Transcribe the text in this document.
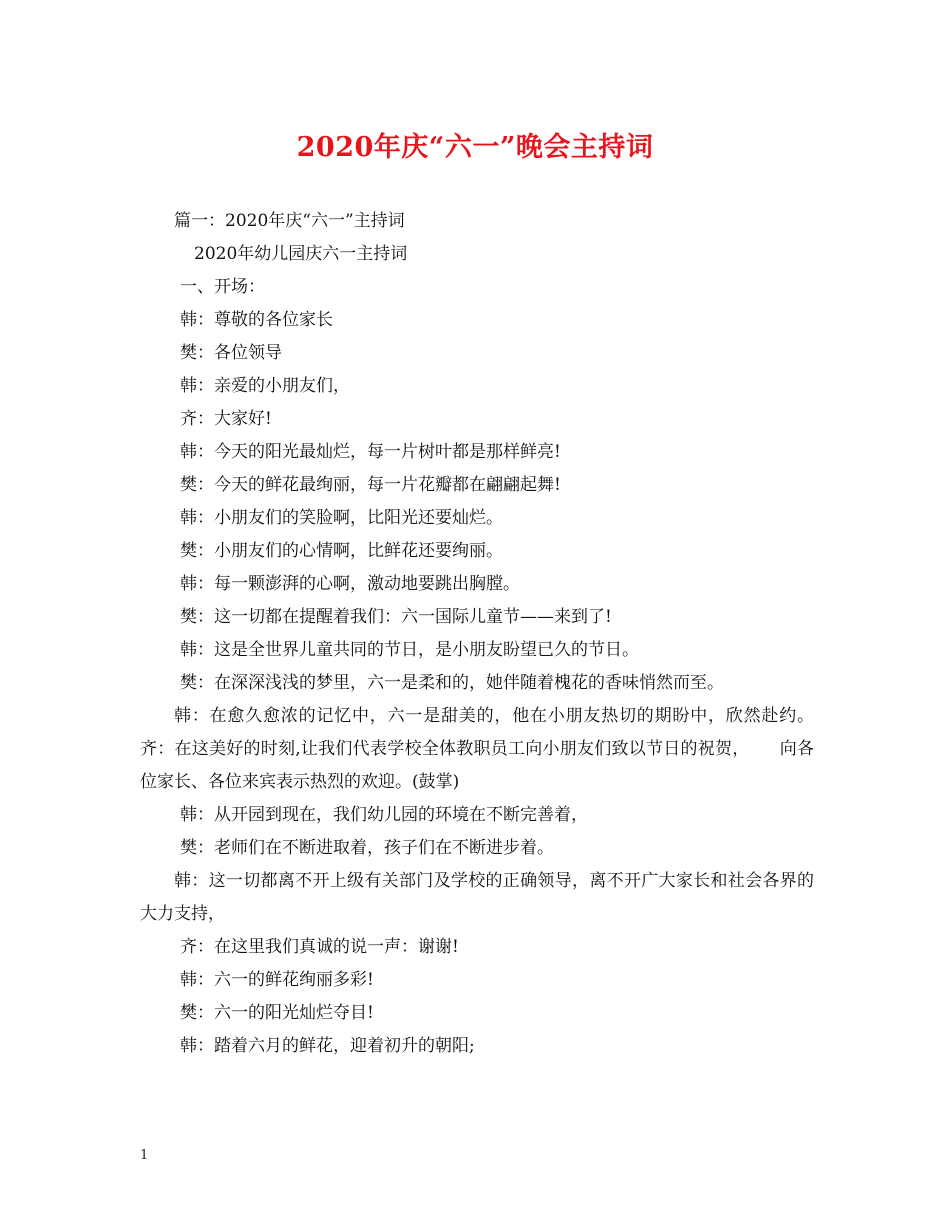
2020年庆“六一”晚会主持词

篇一：2020年庆“六一”主持词

2020年幼儿园庆六一主持词

一、开场：

韩：尊敬的各位家长

樊：各位领导

韩：亲爱的小朋友们，

齐：大家好!

韩：今天的阳光最灿烂，每一片树叶都是那样鲜亮!

樊：今天的鲜花最绚丽，每一片花瓣都在翩翩起舞!

韩：小朋友们的笑脸啊，比阳光还要灿烂。

樊：小朋友们的心情啊，比鲜花还要绚丽。

韩：每一颗澎湃的心啊，激动地要跳出胸膛。

樊：这一切都在提醒着我们：六一国际儿童节——来到了!

韩：这是全世界儿童共同的节日，是小朋友盼望已久的节日。

樊：在深深浅浅的梦里，六一是柔和的，她伴随着槐花的香味悄然而至。

韩：在愈久愈浓的记忆中，六一是甜美的，他在小朋友热切的期盼中，欣然赴约。齐：在这美好的时刻,让我们代表学校全体教职员工向小朋友们致以节日的祝贺， 向各位家长、各位来宾表示热烈的欢迎。(鼓掌)

韩：从开园到现在，我们幼儿园的环境在不断完善着，

樊：老师们在不断进取着，孩子们在不断进步着。

韩：这一切都离不开上级有关部门及学校的正确领导，离不开广大家长和社会各界的大力支持，

齐：在这里我们真诚的说一声：谢谢!

韩：六一的鲜花绚丽多彩!

樊：六一的阳光灿烂夺目!

韩：踏着六月的鲜花，迎着初升的朝阳;

1
